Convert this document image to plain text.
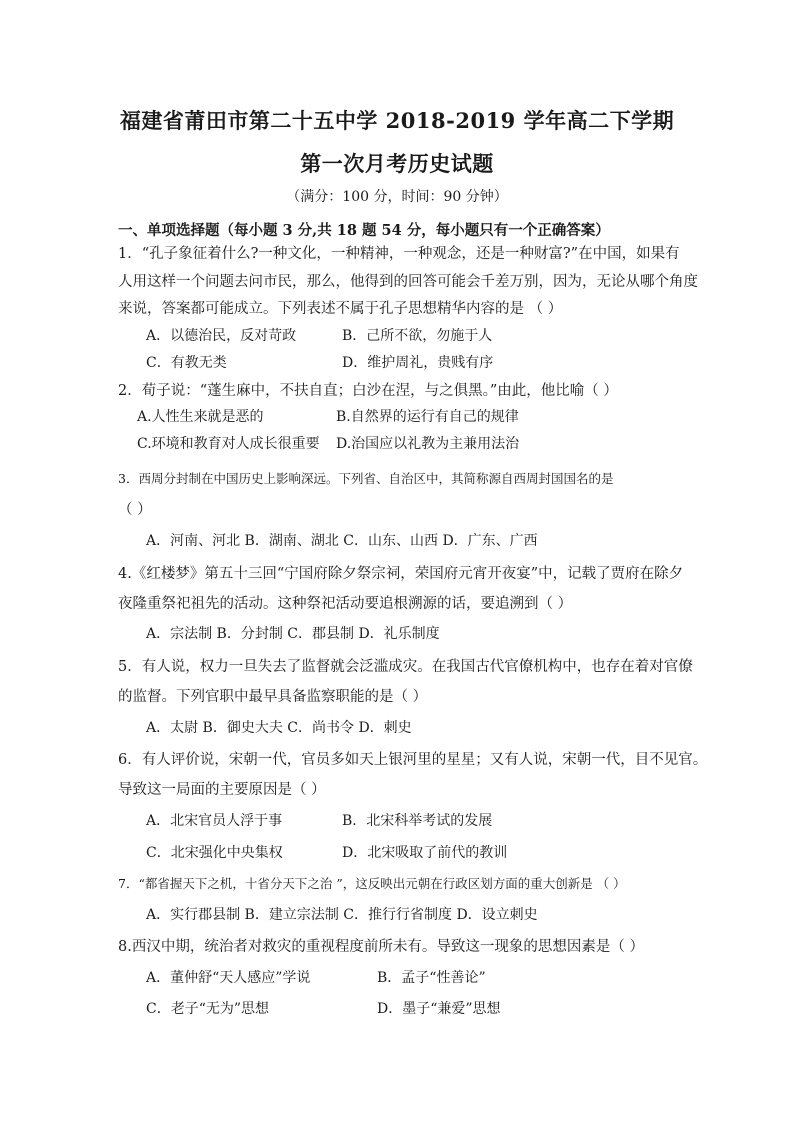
福建省莆田市第二十五中学 2018-2019 学年高二下学期
第一次月考历史试题
（满分：100 分，时间：90 分钟）
一、单项选择题（每小题 3 分,共 18 题 54 分，每小题只有一个正确答案）
1．“孔子象征着什么?一种文化，一种精神，一种观念，还是一种财富?”在中国，如果有
人用这样一个问题去问市民，那么，他得到的回答可能会千差万别，因为，无论从哪个角度
来说，答案都可能成立。下列表述不属于孔子思想精华内容的是 （ ）
A．以德治民，反对苛政	B．己所不欲，勿施于人
C．有教无类	D．维护周礼，贵贱有序
2．荀子说：“蓬生麻中，不扶自直；白沙在涅，与之俱黑。”由此，他比喻（ ）
A.人性生来就是恶的	B.自然界的运行有自己的规律
C.环境和教育对人成长很重要 D.治国应以礼教为主兼用法治
3．西周分封制在中国历史上影响深远。下列省、自治区中，其简称源自西周封国国名的是
（ ）
A．河南、河北 B．湖南、湖北 C．山东、山西 D．广东、广西
4.《红楼梦》第五十三回“宁国府除夕祭宗祠，荣国府元宵开夜宴”中，记载了贾府在除夕
夜隆重祭祀祖先的活动。这种祭祀活动要追根溯源的话，要追溯到（ ）
A．宗法制 B．分封制 C．郡县制 D．礼乐制度
5．有人说，权力一旦失去了监督就会泛滥成灾。在我国古代官僚机构中，也存在着对官僚
的监督。下列官职中最早具备监察职能的是（ ）
A．太尉 B．御史大夫 C．尚书令 D．刺史
6．有人评价说，宋朝一代，官员多如天上银河里的星星；又有人说，宋朝一代，目不见官。
导致这一局面的主要原因是（ ）
A．北宋官员人浮于事	B．北宋科举考试的发展
C．北宋强化中央集权	D．北宋吸取了前代的教训
7．“都省握天下之机，十省分天下之治 ”，这反映出元朝在行政区划方面的重大创新是 （ ）
A．实行郡县制 B．建立宗法制 C．推行行省制度 D．设立刺史
8.西汉中期，统治者对救灾的重视程度前所未有。导致这一现象的思想因素是（ ）
A．董仲舒“天人感应”学说	B．孟子“性善论”
C．老子“无为”思想	D．墨子“兼爱”思想
